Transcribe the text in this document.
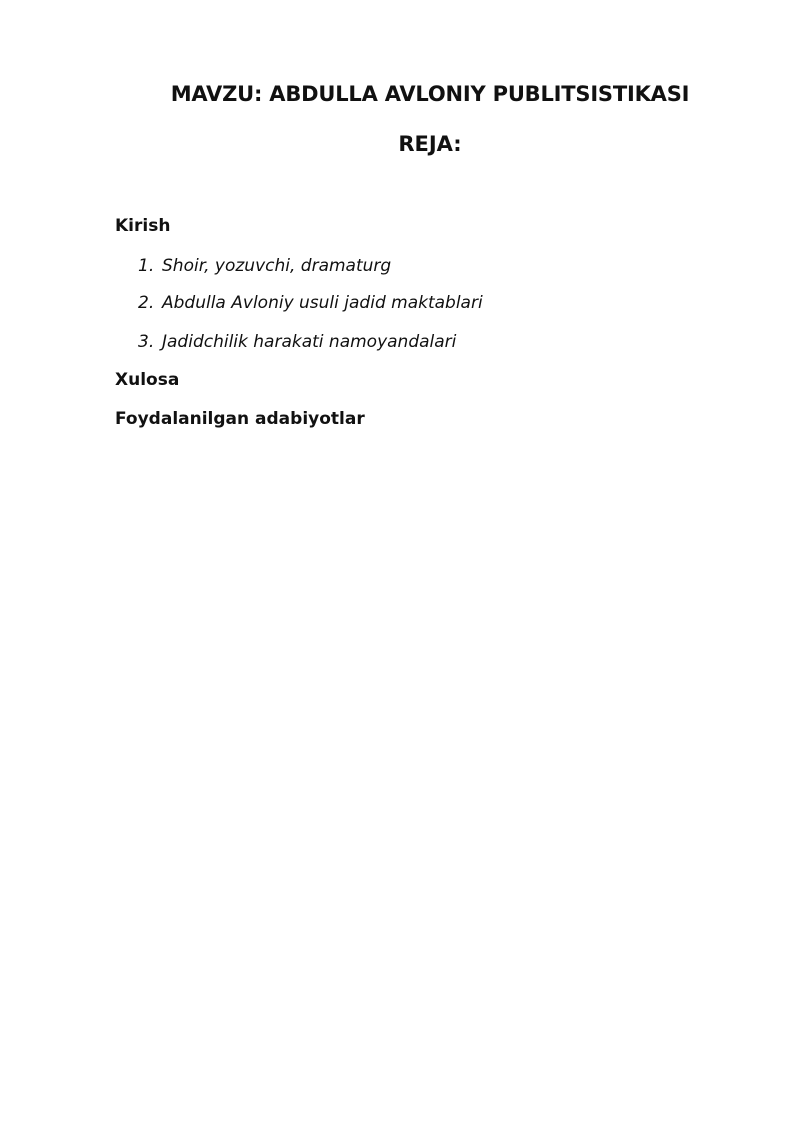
MAVZU: ABDULLA AVLONIY PUBLITSISTIKASI
REJA:

Kirish

1. Shoir, yozuvchi, dramaturg

2. Abdulla Avloniy usuli jadid maktablari

3. Jadidchilik harakati namoyandalari

Xulosa

Foydalanilgan adabiyotlar
